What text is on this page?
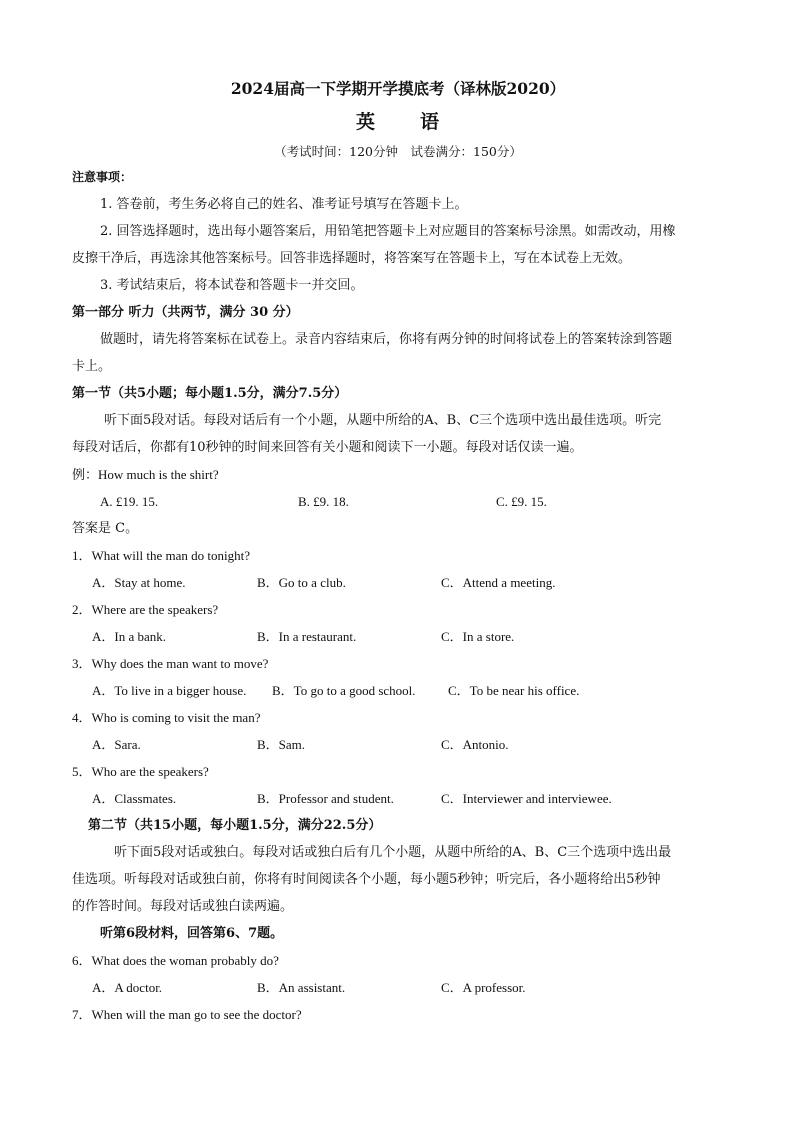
2024届高一下学期开学摸底考（译林版2020）
英 语
（考试时间：120分钟　试卷满分：150分）
注意事项：
1. 答卷前，考生务必将自己的姓名、准考证号填写在答题卡上。
2. 回答选择题时，选出每小题答案后，用铅笔把答题卡上对应题目的答案标号涂黑。如需改动，用橡
皮擦干净后，再选涂其他答案标号。回答非选择题时，将答案写在答题卡上，写在本试卷上无效。
3. 考试结束后，将本试卷和答题卡一并交回。
第一部分 听力（共两节，满分 30 分）
做题时，请先将答案标在试卷上。录音内容结束后，你将有两分钟的时间将试卷上的答案转涂到答题
卡上。
第一节（共5小题；每小题1.5分，满分7.5分）
听下面5段对话。每段对话后有一个小题，从题中所给的A、B、C三个选项中选出最佳选项。听完
每段对话后，你都有10秒钟的时间来回答有关小题和阅读下一小题。每段对话仅读一遍。
例：How much is the shirt?
A. £19. 15.	B. £9. 18.	C. £9. 15.
答案是 C。
1．What will the man do tonight?
A．Stay at home.	B．Go to a club.	C．Attend a meeting.
2．Where are the speakers?
A．In a bank.	B．In a restaurant.	C．In a store.
3．Why does the man want to move?
A．To live in a bigger house.	B．To go to a good school.	C．To be near his office.
4．Who is coming to visit the man?
A．Sara.	B．Sam.	C．Antonio.
5．Who are the speakers?
A．Classmates.	B．Professor and student.	C．Interviewer and interviewee.
第二节（共15小题，每小题1.5分，满分22.5分）
听下面5段对话或独白。每段对话或独白后有几个小题，从题中所给的A、B、C三个选项中选出最
佳选项。听每段对话或独白前，你将有时间阅读各个小题，每小题5秒钟；听完后，各小题将给出5秒钟
的作答时间。每段对话或独白读两遍。
听第6段材料，回答第6、7题。
6．What does the woman probably do?
A．A doctor.	B．An assistant.	C．A professor.
7．When will the man go to see the doctor?
